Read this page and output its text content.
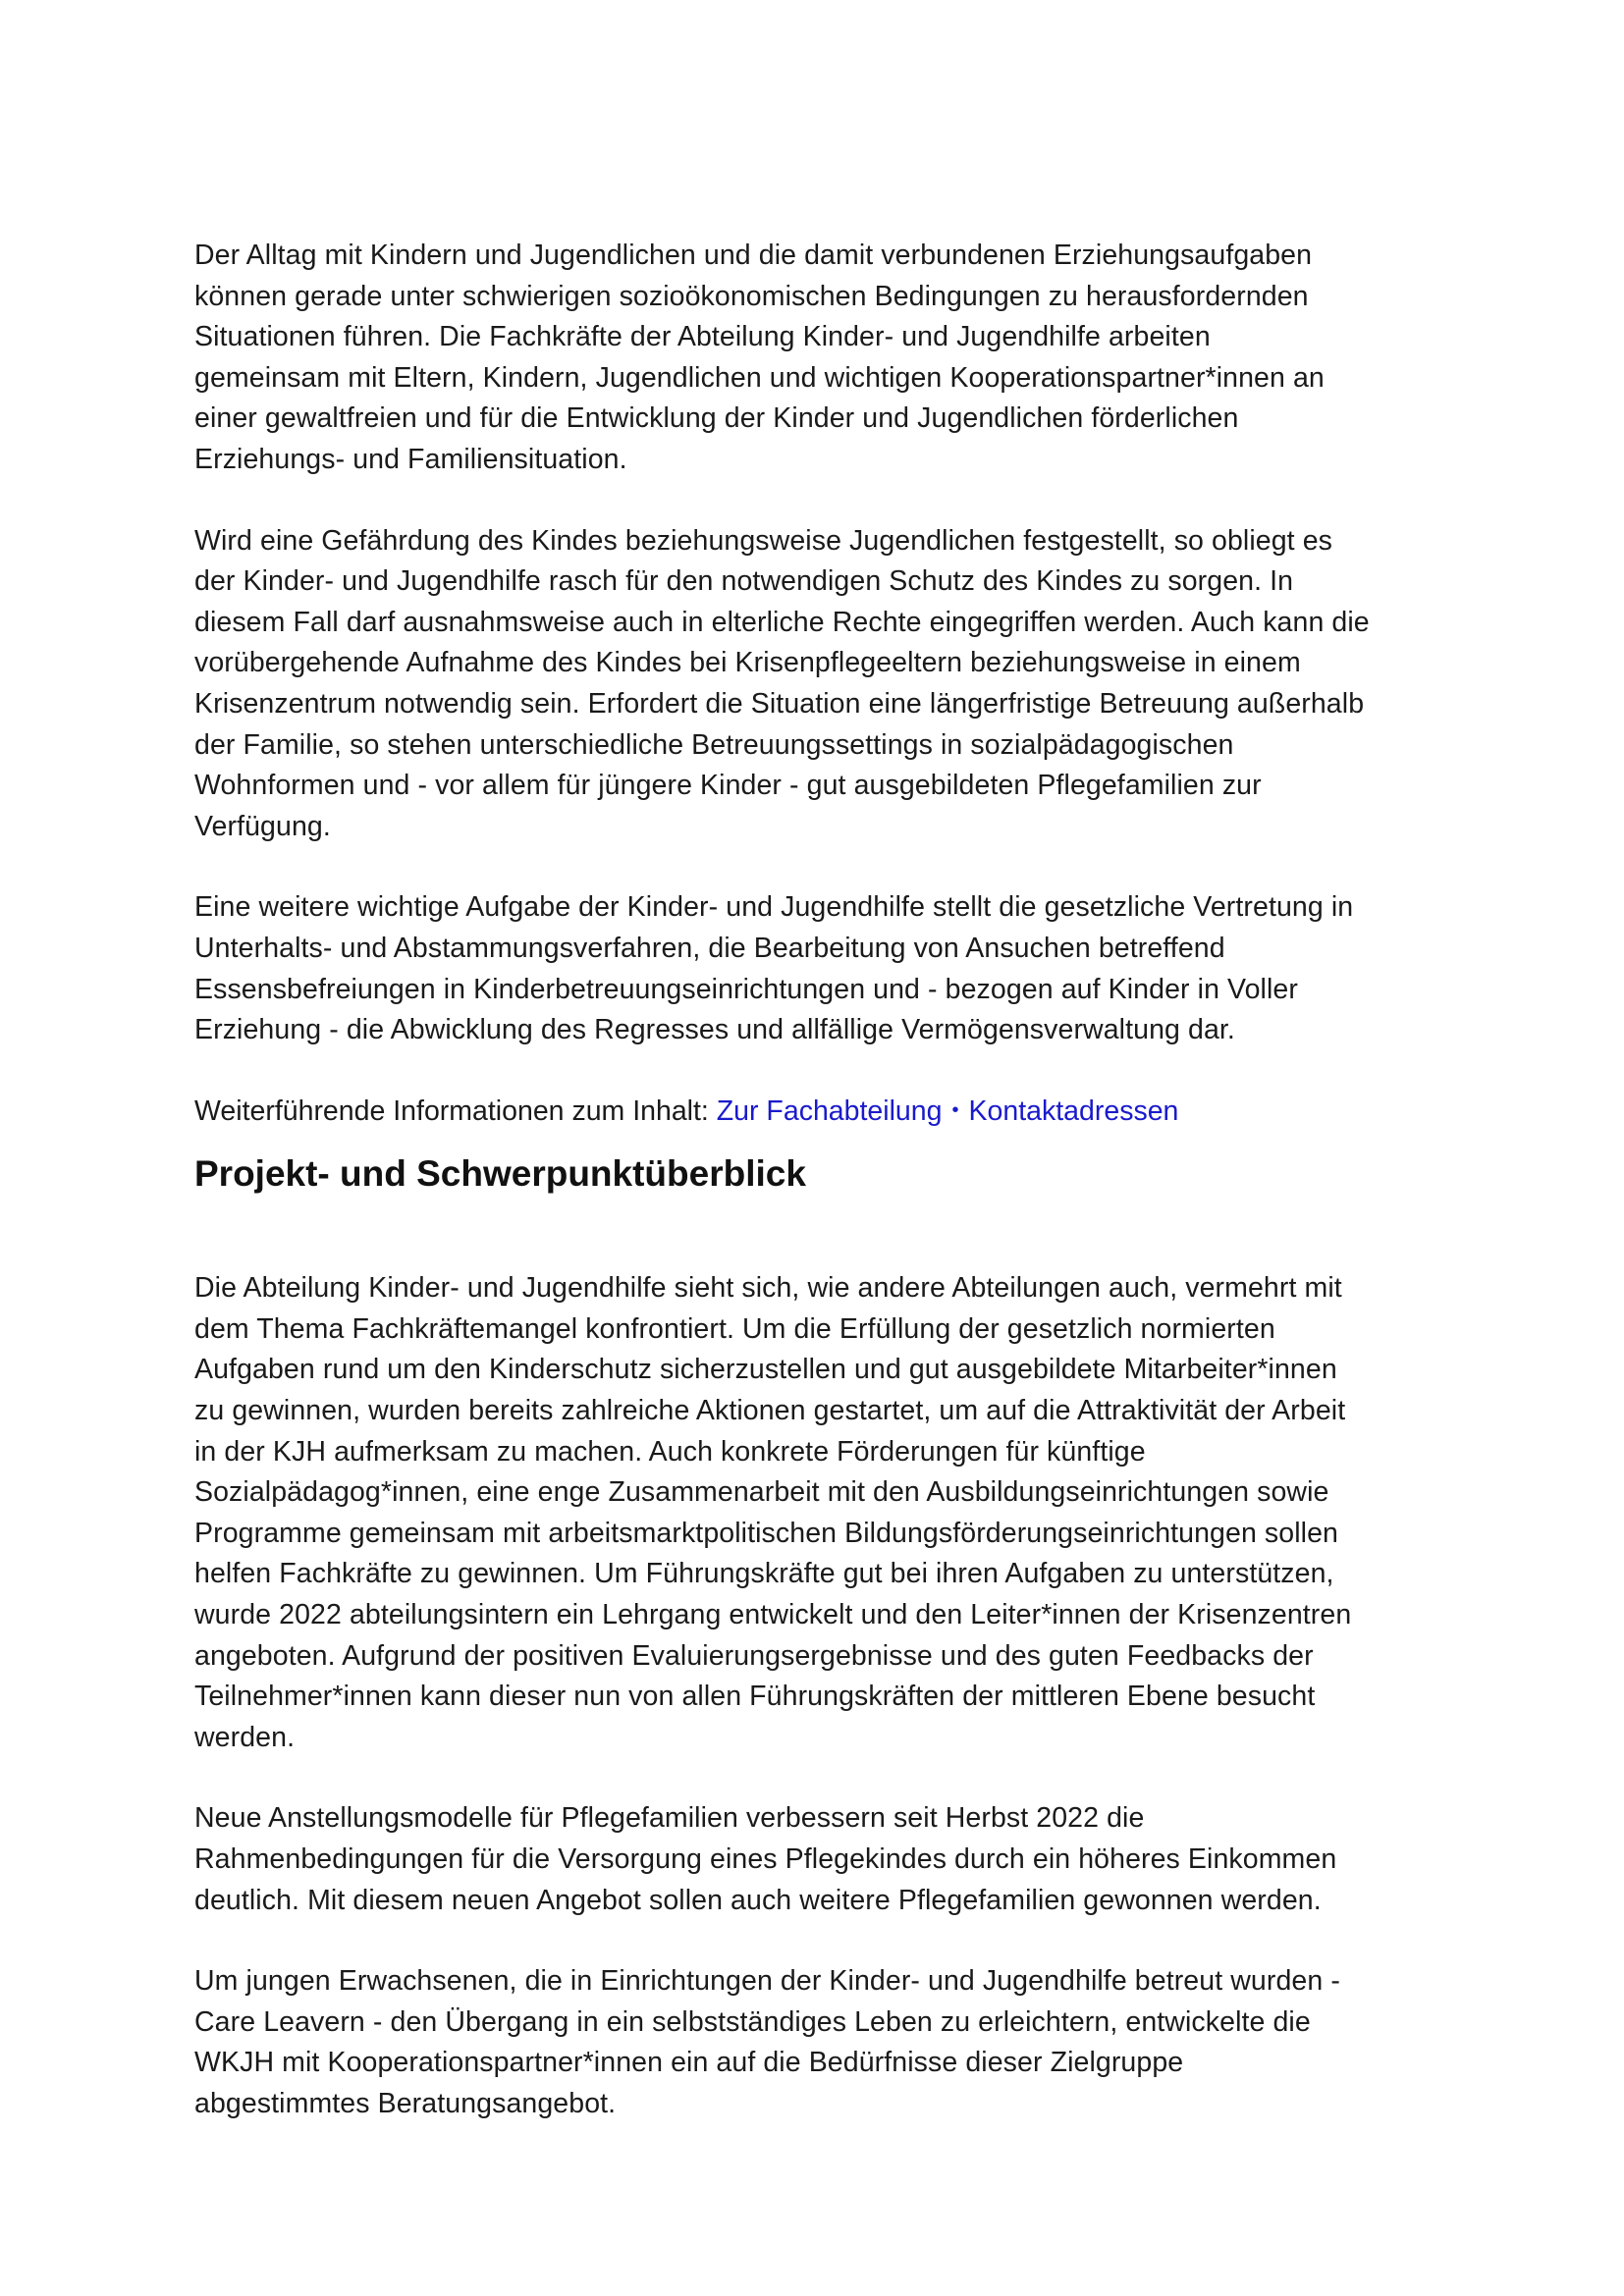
Der Alltag mit Kindern und Jugendlichen und die damit verbundenen Erziehungsaufgaben
können gerade unter schwierigen sozioökonomischen Bedingungen zu herausfordernden
Situationen führen. Die Fachkräfte der Abteilung Kinder- und Jugendhilfe arbeiten
gemeinsam mit Eltern, Kindern, Jugendlichen und wichtigen Kooperationspartner*innen an
einer gewaltfreien und für die Entwicklung der Kinder und Jugendlichen förderlichen
Erziehungs- und Familiensituation.

Wird eine Gefährdung des Kindes beziehungsweise Jugendlichen festgestellt, so obliegt es
der Kinder- und Jugendhilfe rasch für den notwendigen Schutz des Kindes zu sorgen. In
diesem Fall darf ausnahmsweise auch in elterliche Rechte eingegriffen werden. Auch kann die
vorübergehende Aufnahme des Kindes bei Krisenpflegeeltern beziehungsweise in einem
Krisenzentrum notwendig sein. Erfordert die Situation eine längerfristige Betreuung außerhalb
der Familie, so stehen unterschiedliche Betreuungssettings in sozialpädagogischen
Wohnformen und - vor allem für jüngere Kinder - gut ausgebildeten Pflegefamilien zur
Verfügung.

Eine weitere wichtige Aufgabe der Kinder- und Jugendhilfe stellt die gesetzliche Vertretung in
Unterhalts- und Abstammungsverfahren, die Bearbeitung von Ansuchen betreffend
Essensbefreiungen in Kinderbetreuungseinrichtungen und - bezogen auf Kinder in Voller
Erziehung - die Abwicklung des Regresses und allfällige Vermögensverwaltung dar.

Weiterführende Informationen zum Inhalt: Zur Fachabteilung • Kontaktadressen

Projekt- und Schwerpunktüberblick

Die Abteilung Kinder- und Jugendhilfe sieht sich, wie andere Abteilungen auch, vermehrt mit
dem Thema Fachkräftemangel konfrontiert. Um die Erfüllung der gesetzlich normierten
Aufgaben rund um den Kinderschutz sicherzustellen und gut ausgebildete Mitarbeiter*innen
zu gewinnen, wurden bereits zahlreiche Aktionen gestartet, um auf die Attraktivität der Arbeit
in der KJH aufmerksam zu machen. Auch konkrete Förderungen für künftige
Sozialpädagog*innen, eine enge Zusammenarbeit mit den Ausbildungseinrichtungen sowie
Programme gemeinsam mit arbeitsmarktpolitischen Bildungsförderungseinrichtungen sollen
helfen Fachkräfte zu gewinnen. Um Führungskräfte gut bei ihren Aufgaben zu unterstützen,
wurde 2022 abteilungsintern ein Lehrgang entwickelt und den Leiter*innen der Krisenzentren
angeboten. Aufgrund der positiven Evaluierungsergebnisse und des guten Feedbacks der
Teilnehmer*innen kann dieser nun von allen Führungskräften der mittleren Ebene besucht
werden.

Neue Anstellungsmodelle für Pflegefamilien verbessern seit Herbst 2022 die
Rahmenbedingungen für die Versorgung eines Pflegekindes durch ein höheres Einkommen
deutlich. Mit diesem neuen Angebot sollen auch weitere Pflegefamilien gewonnen werden.

Um jungen Erwachsenen, die in Einrichtungen der Kinder- und Jugendhilfe betreut wurden -
Care Leavern - den Übergang in ein selbstständiges Leben zu erleichtern, entwickelte die
WKJH mit Kooperationspartner*innen ein auf die Bedürfnisse dieser Zielgruppe
abgestimmtes Beratungsangebot.
